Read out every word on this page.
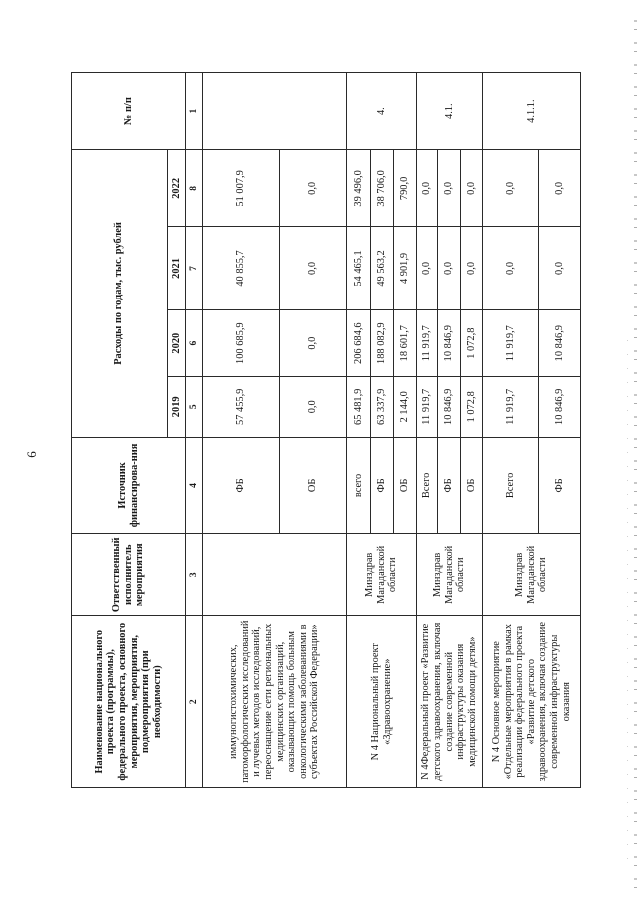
6
Наименование национального проекта (программы), федерального проекта, основного мероприятия, мероприятия, подмероприятия (при необходимости)	Ответственный исполнитель мероприятия	Источник финансирова-ния	Расходы по годам, тыс. рублей				№ п/п
			2019	2020	2021	2022	
2	3	4	5	6	7	8	1
иммуногистохимических, патоморфологических исследований и лучевых методов исследований, переоснащение сети региональных медицинских организаций, оказывающих помощь больным онкологическими заболеваниями в субъектах Российской Федерации»		ФБ	57 455,9	100 685,9	40 855,7	51 007,9	
		ОБ	0,0	0,0	0,0	0,0	
N 4 Национальный проект «Здравоохранение»	Минздрав Магаданской области	всего	65 481,9	206 684,6	54 465,1	39 496,0	4.
		ФБ	63 337,9	188 082,9	49 563,2	38 706,0	
		ОБ	2 144,0	18 601,7	4 901,9	790,0	
N 4Федеральный проект «Развитие детского здравоохранения, включая создание современной инфраструктуры оказания медицинской помощи детям»	Минздрав Магаданской области	Всего	11 919,7	11 919,7	0,0	0,0	4.1.
		ФБ	10 846,9	10 846,9	0,0	0,0	
		ОБ	1 072,8	1 072,8	0,0	0,0	
N 4 Основное мероприятие «Отдельные мероприятия в рамках реализации федерального проекта «Развитие детского здравоохранения, включая создание современной инфраструктуры оказания	Минздрав Магаданской области	Всего	11 919,7	11 919,7	0,0	0,0	4.1.1.
		ФБ	10 846,9	10 846,9	0,0	0,0	
